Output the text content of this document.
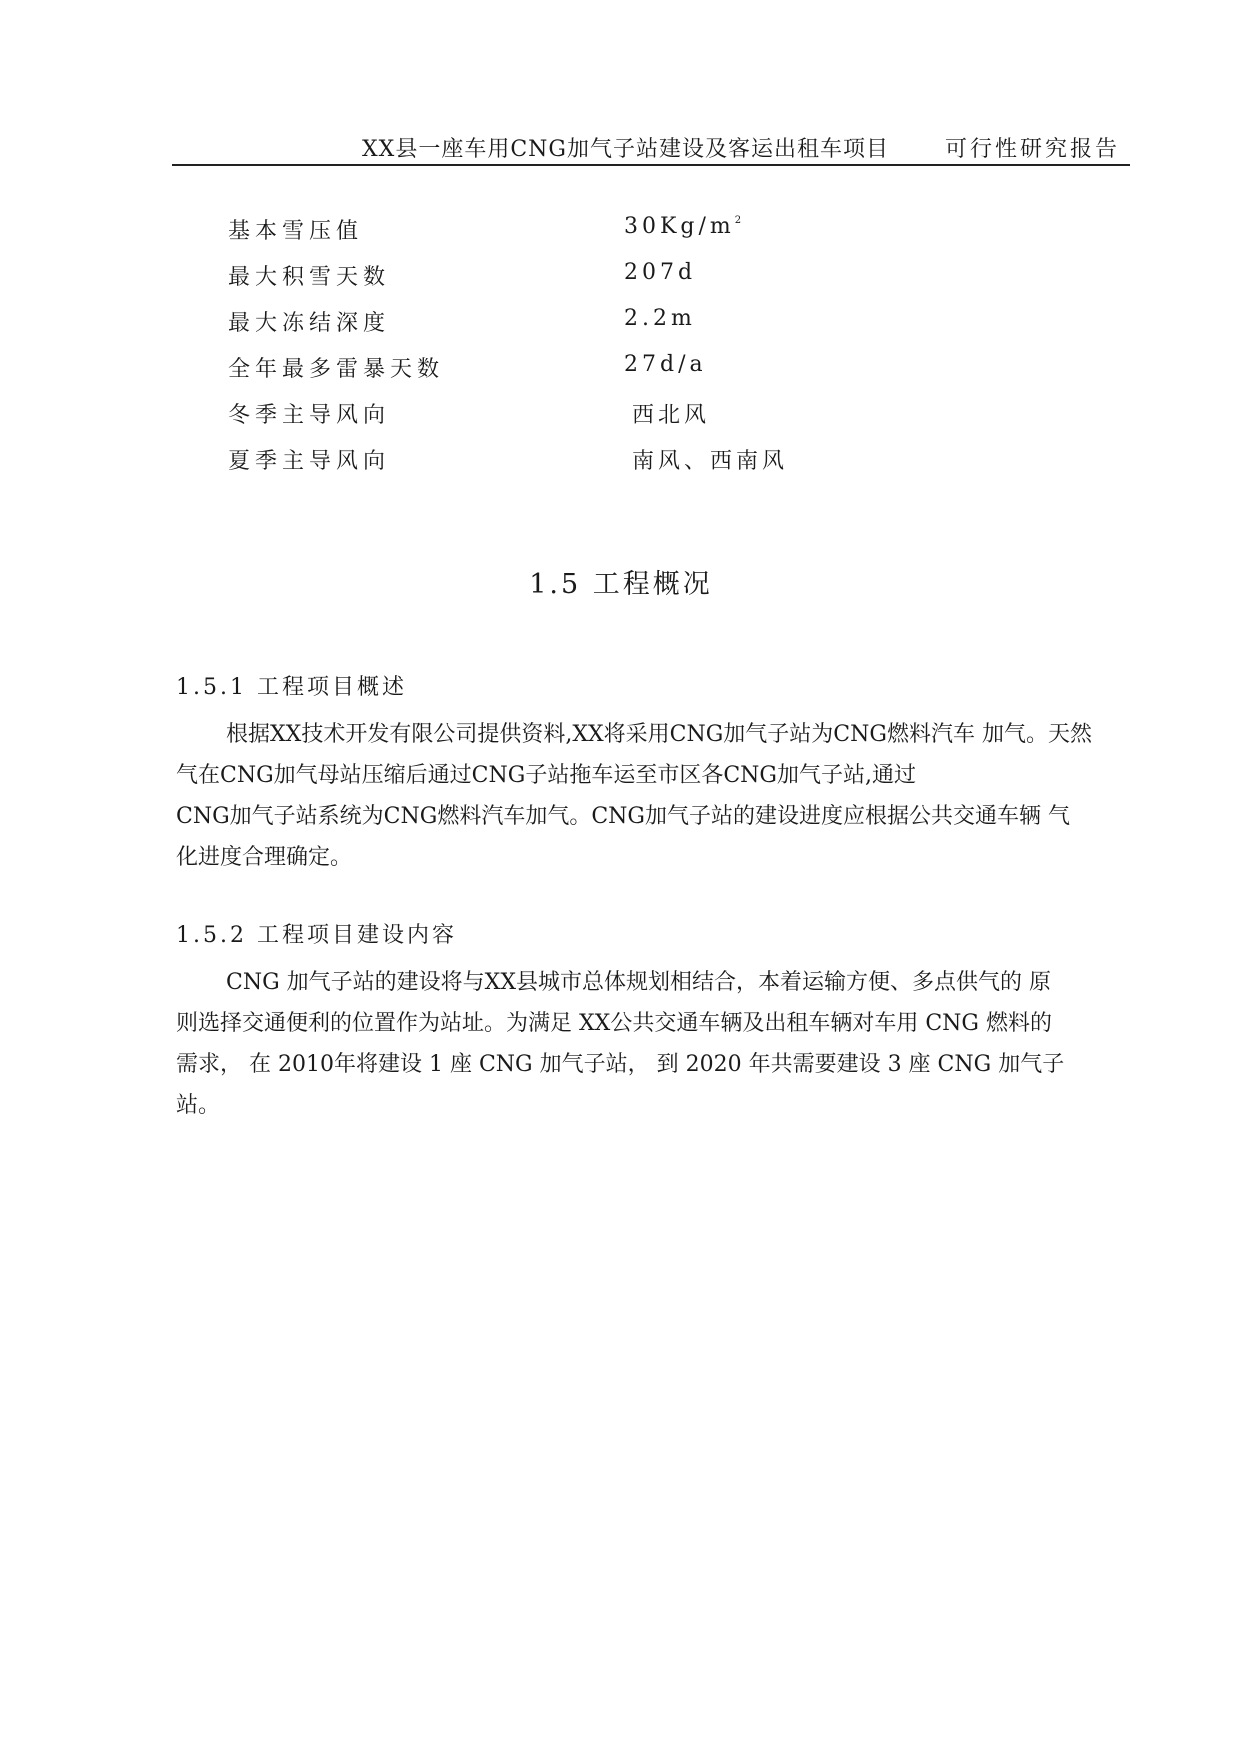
XX县一座车用CNG加气子站建设及客运出租车项目	可行性研究报告
基本雪压值	$30Kg/m^2$
最大积雪天数	207d
最大冻结深度	2.2m
全年最多雷暴天数	27d/a
冬季主导风向	西北风
夏季主导风向	南风、西南风
1.5 工程概况
1.5.1 工程项目概述
根据XX技术开发有限公司提供资料,XX将采用CNG加气子站为CNG燃料汽车 加气。天然
气在CNG加气母站压缩后通过CNG子站拖车运至市区各CNG加气子站,通过
CNG加气子站系统为CNG燃料汽车加气。CNG加气子站的建设进度应根据公共交通车辆 气
化进度合理确定。
1.5.2 工程项目建设内容
CNG 加气子站的建设将与XX县城市总体规划相结合，本着运输方便、多点供气的 原
则选择交通便利的位置作为站址。为满足 XX公共交通车辆及出租车辆对车用 CNG 燃料的
需求， 在 2010年将建设 1 座 CNG 加气子站， 到 2020 年共需要建设 3 座 CNG 加气子
站。
